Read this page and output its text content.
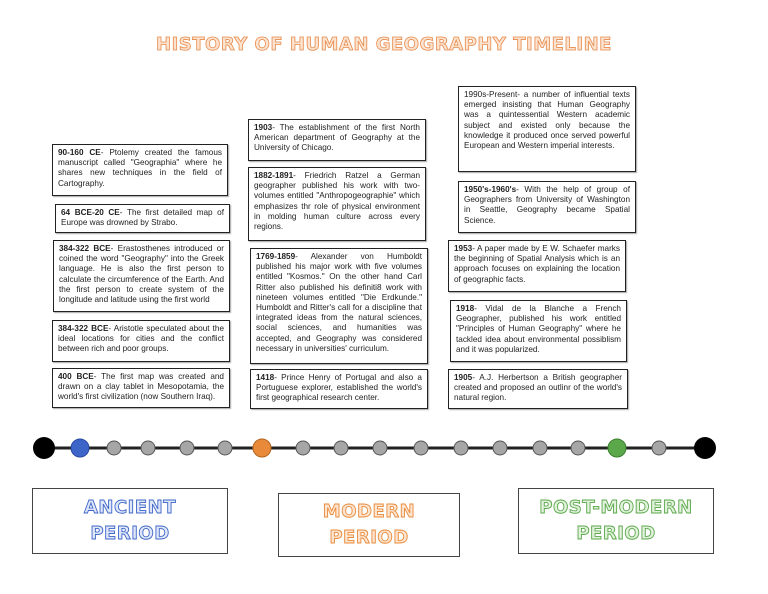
HISTORY OF HUMAN GEOGRAPHY TIMELINE
90-160 CE- Ptolemy created the famous manuscript called "Geographia" where he shares new techniques in the field of Cartography.
64 BCE-20 CE- The first detailed map of Europe was drowned by Strabo.
384-322 BCE- Erastosthenes introduced or coined the word "Geography" into the Greek language. He is also the first person to calculate the circumference of the Earth. And the first person to create system of the longitude and latitude using the first world
384-322 BCE- Aristotle speculated about the ideal locations for cities and the conflict between rich and poor groups.
400 BCE- The first map was created and drawn on a clay tablet in Mesopotamia, the world's first civilization (now Southern Iraq).
1903- The establishment of the first North American department of Geography at the University of Chicago.
1882-1891- Friedrich Ratzel a German geographer published his work with two-volumes entitled "Anthropogeographie" which emphasizes thr role of physical environment in molding human culture across every regions.
1769-1859- Alexander von Humboldt published his major work with five volumes entitled "Kosmos." On the other hand Carl Ritter also published his definiti8 work with nineteen volumes entitled "Die Erdkunde." Humboldt and Ritter's call for a discipline that integrated ideas from the natural sciences, social sciences, and humanities was accepted, and Geography was considered necessary in universities' curriculum.
1418- Prince Henry of Portugal and also a Portuguese explorer, established the world's first geographical research center.
1990s-Present- a number of influential texts emerged insisting that Human Geography was a quintessential Western academic subject and existed only because the knowledge it produced once served powerful European and Western imperial interests.
1950's-1960's- With the help of group of Geographers from University of Washington in Seattle, Geography became Spatial Science.
1953- A paper made by E W. Schaefer marks the beginning of Spatial Analysis which is an approach focuses on explaining the location of geographic facts.
1918- Vidal de la Blanche a French Geographer, published his work entitled "Principles of Human Geography" where he tackled idea about environmental possiblism and it was popularized.
1905- A.J. Herbertson a British geographer created and proposed an outlinr of the world's natural region.
ANCIENT PERIOD
MODERN PERIOD
POST-MODERN PERIOD
